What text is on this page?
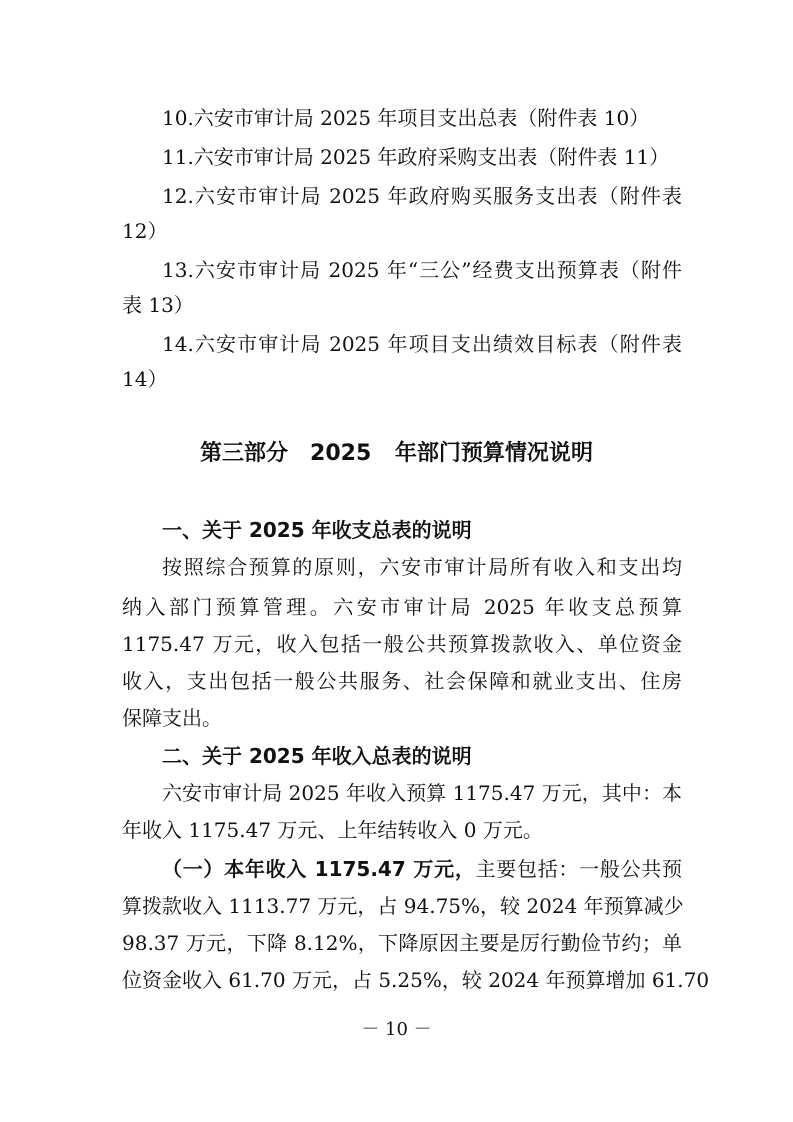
10.六安市审计局 2025 年项目支出总表（附件表 10）
11.六安市审计局 2025 年政府采购支出表（附件表 11）
12.六安市审计局 2025 年政府购买服务支出表（附件表
12）
13.六安市审计局 2025 年“三公”经费支出预算表（附件
表 13）
14.六安市审计局 2025 年项目支出绩效目标表（附件表
14）
第三部分　2025 年部门预算情况说明
一、关于 2025 年收支总表的说明
按照综合预算的原则，六安市审计局所有收入和支出均
纳入部门预算管理。六安市审计局 2025 年收支总预算
1175.47 万元，收入包括一般公共预算拨款收入、单位资金
收入，支出包括一般公共服务、社会保障和就业支出、住房
保障支出。
二、关于 2025 年收入总表的说明
六安市审计局 2025 年收入预算 1175.47 万元，其中：本
年收入 1175.47 万元、上年结转收入 0 万元。
（一）本年收入 1175.47 万元，主要包括：一般公共预
算拨款收入 1113.77 万元，占 94.75%，较 2024 年预算减少
98.37 万元，下降 8.12%，下降原因主要是厉行勤俭节约；单
位资金收入 61.70 万元，占 5.25%，较 2024 年预算增加 61.70
－ 10 －
